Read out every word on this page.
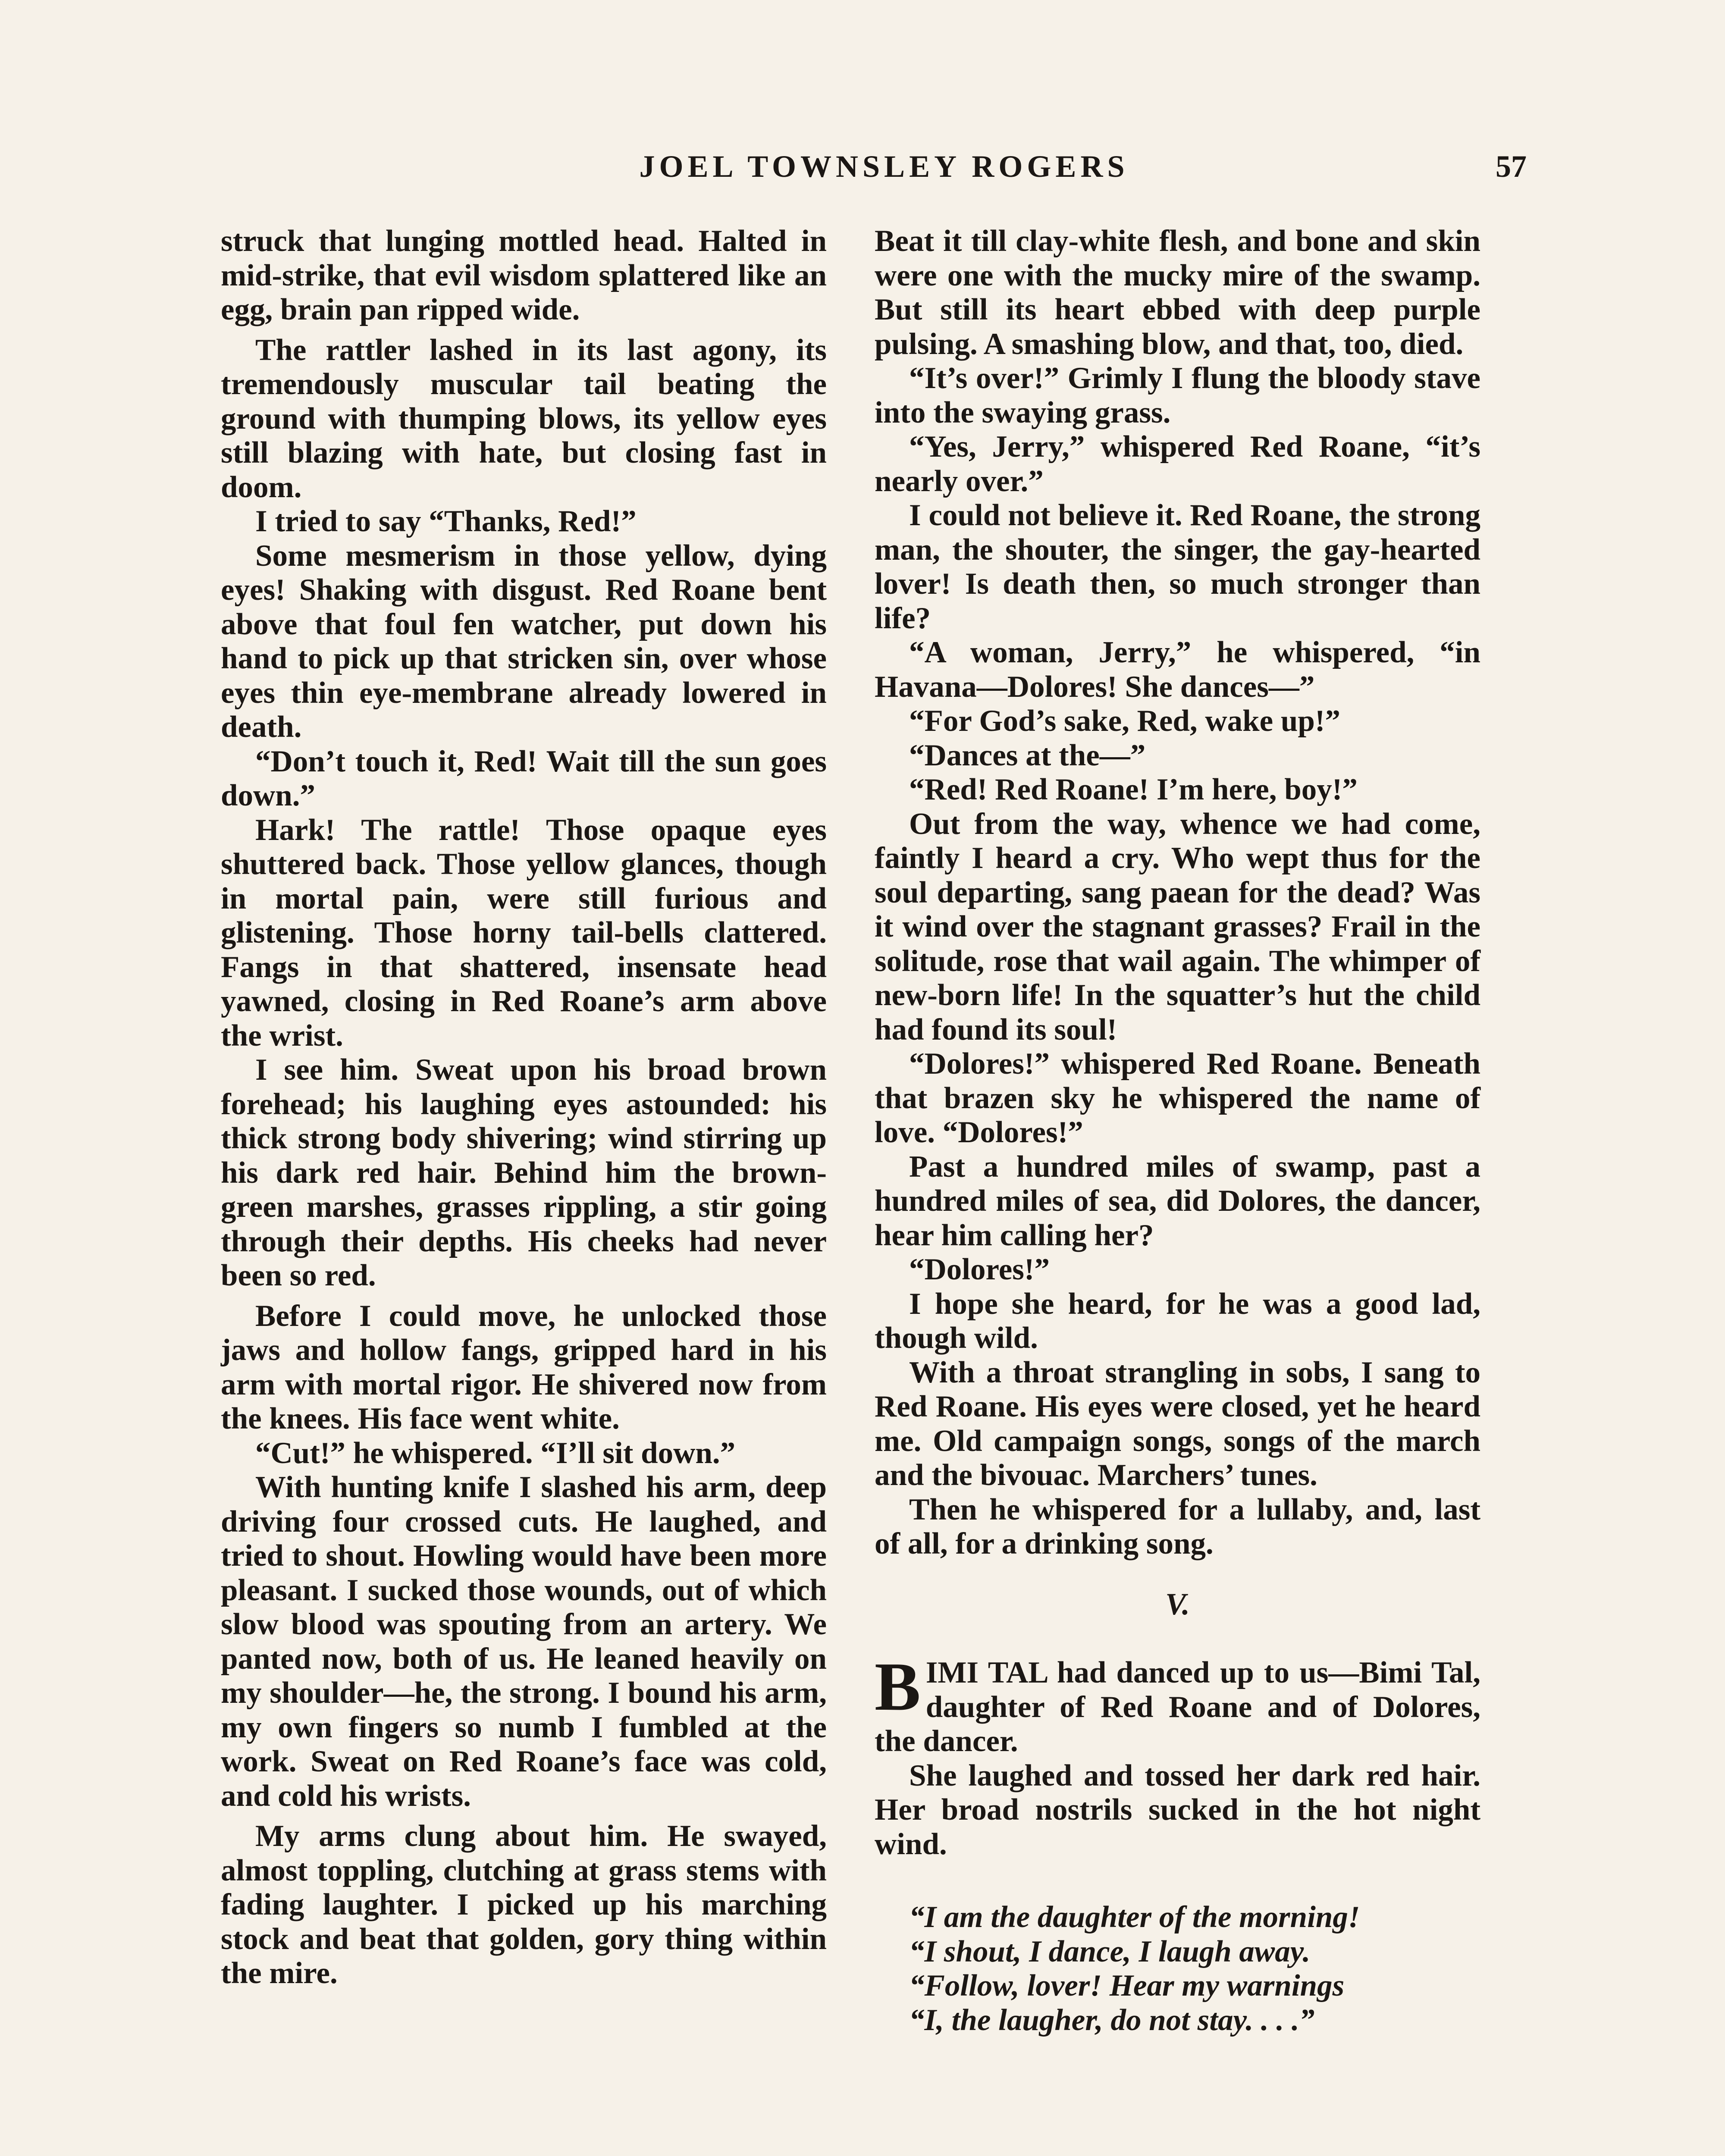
JOEL TOWNSLEY ROGERS	57

struck that lunging mottled head. Halted in mid-strike, that evil wisdom splattered like an egg, brain pan ripped wide.

The rattler lashed in its last agony, its tremendously muscular tail beating the ground with thumping blows, its yellow eyes still blazing with hate, but closing fast in doom.

I tried to say “Thanks, Red!”

Some mesmerism in those yellow, dying eyes! Shaking with disgust. Red Roane bent above that foul fen watcher, put down his hand to pick up that stricken sin, over whose eyes thin eye-membrane already lowered in death.

“Don’t touch it, Red! Wait till the sun goes down.”

Hark! The rattle! Those opaque eyes shuttered back. Those yellow glances, though in mortal pain, were still furious and glistening. Those horny tail-bells clattered. Fangs in that shattered, insensate head yawned, closing in Red Roane’s arm above the wrist.

I see him. Sweat upon his broad brown forehead; his laughing eyes astounded: his thick strong body shivering; wind stirring up his dark red hair. Behind him the brown-green marshes, grasses rippling, a stir going through their depths. His cheeks had never been so red.

Before I could move, he unlocked those jaws and hollow fangs, gripped hard in his arm with mortal rigor. He shivered now from the knees. His face went white.

“Cut!” he whispered. “I’ll sit down.”

With hunting knife I slashed his arm, deep driving four crossed cuts. He laughed, and tried to shout. Howling would have been more pleasant. I sucked those wounds, out of which slow blood was spouting from an artery. We panted now, both of us. He leaned heavily on my shoulder—he, the strong. I bound his arm, my own fingers so numb I fumbled at the work. Sweat on Red Roane’s face was cold, and cold his wrists.

My arms clung about him. He swayed, almost toppling, clutching at grass stems with fading laughter. I picked up his marching stock and beat that golden, gory thing within the mire.

Beat it till clay-white flesh, and bone and skin were one with the mucky mire of the swamp. But still its heart ebbed with deep purple pulsing. A smashing blow, and that, too, died.

“It’s over!” Grimly I flung the bloody stave into the swaying grass.

“Yes, Jerry,” whispered Red Roane, “it’s nearly over.”

I could not believe it. Red Roane, the strong man, the shouter, the singer, the gay-hearted lover! Is death then, so much stronger than life?

“A woman, Jerry,” he whispered, “in Havana—Dolores! She dances—”

“For God’s sake, Red, wake up!”

“Dances at the—”

“Red! Red Roane! I’m here, boy!”

Out from the way, whence we had come, faintly I heard a cry. Who wept thus for the soul departing, sang paean for the dead? Was it wind over the stagnant grasses? Frail in the solitude, rose that wail again. The whimper of new-born life! In the squatter’s hut the child had found its soul!

“Dolores!” whispered Red Roane. Beneath that brazen sky he whispered the name of love. “Dolores!”

Past a hundred miles of swamp, past a hundred miles of sea, did Dolores, the dancer, hear him calling her?

“Dolores!”

I hope she heard, for he was a good lad, though wild.

With a throat strangling in sobs, I sang to Red Roane. His eyes were closed, yet he heard me. Old campaign songs, songs of the march and the bivouac. Marchers’ tunes.

Then he whispered for a lullaby, and, last of all, for a drinking song.

V.

BIMI TAL had danced up to us—Bimi Tal, daughter of Red Roane and of Dolores, the dancer.

She laughed and tossed her dark red hair. Her broad nostrils sucked in the hot night wind.

“I am the daughter of the morning!

“I shout, I dance, I laugh away.

“Follow, lover! Hear my warnings

“I, the laugher, do not stay. . . .”
